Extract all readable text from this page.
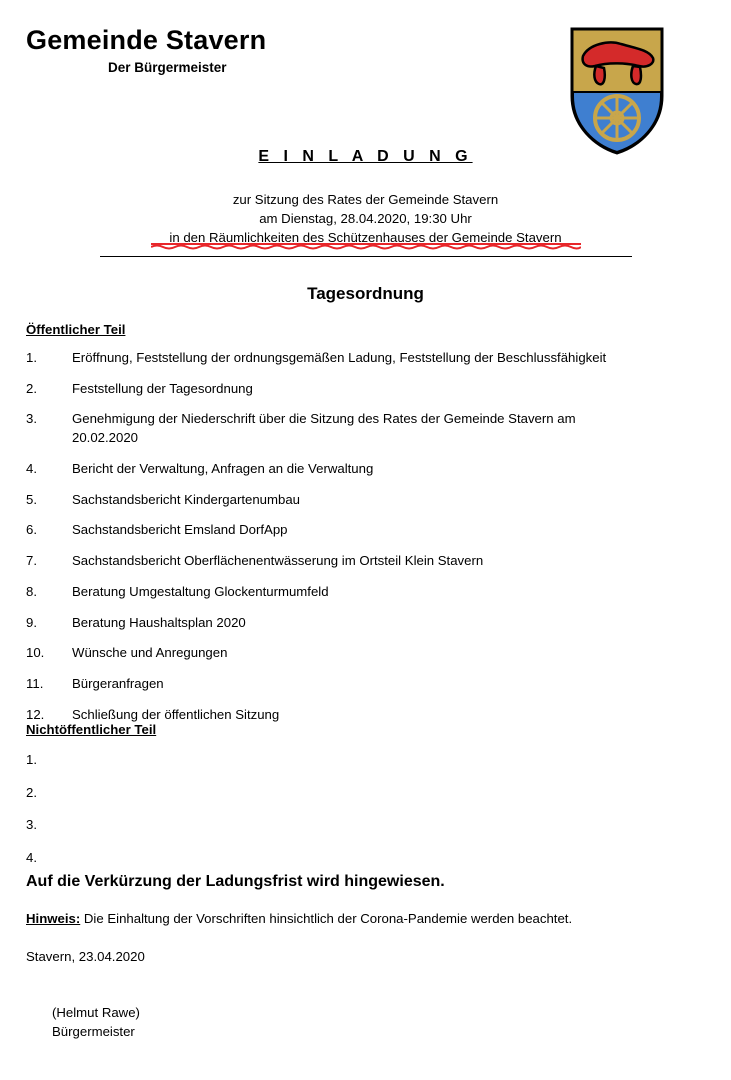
Gemeinde Stavern
Der Bürgermeister
E I N L A D U N G
zur Sitzung des Rates der Gemeinde Stavern
am Dienstag, 28.04.2020, 19:30 Uhr
in den Räumlichkeiten des Schützenhauses der Gemeinde Stavern
Tagesordnung
Öffentlicher Teil
1.	Eröffnung, Feststellung der ordnungsgemäßen Ladung, Feststellung der Beschlussfähigkeit
2.	Feststellung der Tagesordnung
3.	Genehmigung der Niederschrift über die Sitzung des Rates der Gemeinde Stavern am 20.02.2020
4.	Bericht der Verwaltung, Anfragen an die Verwaltung
5.	Sachstandsbericht Kindergartenumbau
6.	Sachstandsbericht Emsland DorfApp
7.	Sachstandsbericht Oberflächenentwässerung im Ortsteil Klein Stavern
8.	Beratung Umgestaltung Glockenturmumfeld
9.	Beratung Haushaltsplan 2020
10.	Wünsche und Anregungen
11.	Bürgeranfragen
12.	Schließung der öffentlichen Sitzung
Nichtöffentlicher Teil
1.
2.
3.
4.
Auf die Verkürzung der Ladungsfrist wird hingewiesen.
Hinweis: Die Einhaltung der Vorschriften hinsichtlich der Corona-Pandemie werden beachtet.
Stavern, 23.04.2020
(Helmut Rawe)
Bürgermeister
